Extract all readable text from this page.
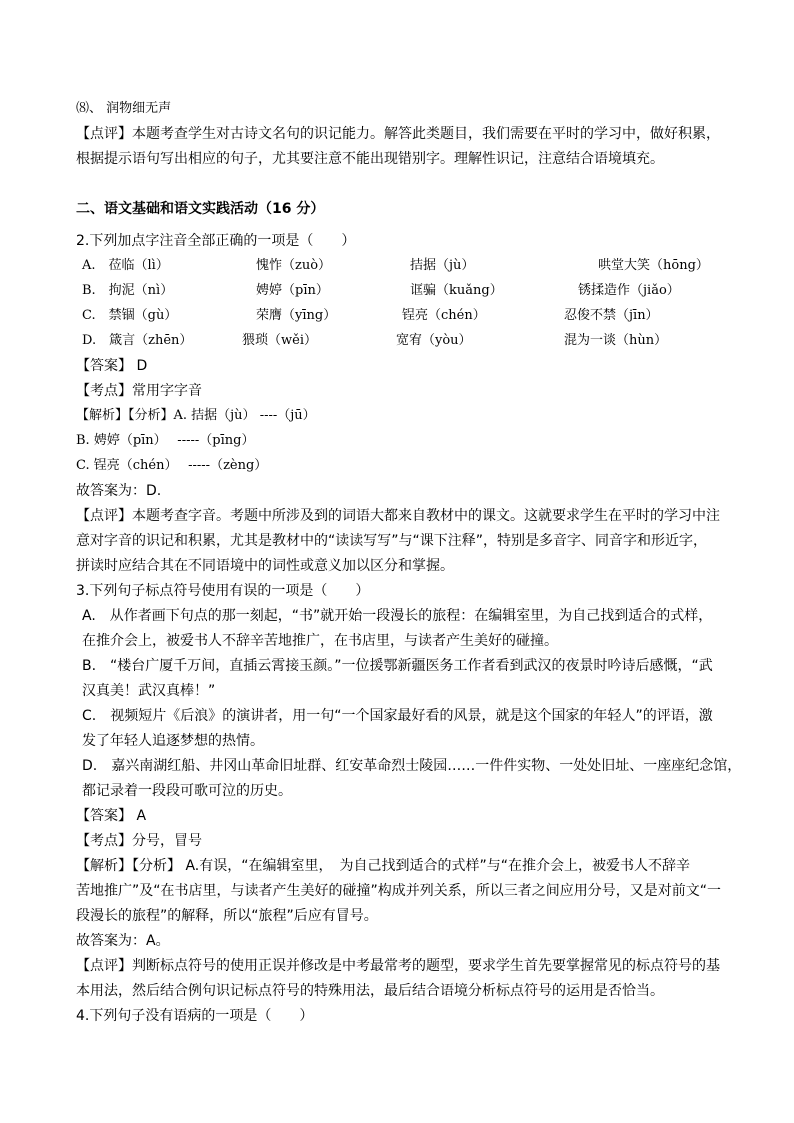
⑻、 润物细无声
【点评】本题考查学生对古诗文名句的识记能力。解答此类题目，我们需要在平时的学习中，做好积累，
根据提示语句写出相应的句子，尤其要注意不能出现错别字。理解性识记，注意结合语境填充。
二、语文基础和语文实践活动（16 分）
2.下列加点字注音全部正确的一项是（　　）
A.　莅临（lì）	愧怍（zuò）	拮据（jù）	哄堂大笑（hōng）
B.　拘泥（nì）	娉婷（pīn）	诓骗（kuǎng）	锈揉造作（jiǎo）
C.　禁锢（gù）	荣膺（yīng）	锃亮（chén）	忍俊不禁（jīn）
D.　箴言（zhēn）	猥琐（wěi）	宽宥（yòu）	混为一谈（hùn）
【答案】 D
【考点】常用字字音
【解析】【分析】A. 拮据（jù） ----（jū）
B. 娉婷（pīn）　 -----（pīng）
C. 锃亮（chén）　 -----（zèng）
故答案为：D.
【点评】本题考查字音。考题中所涉及到的词语大都来自教材中的课文。这就要求学生在平时的学习中注
意对字音的识记和积累，尤其是教材中的“读读写写”与“课下注释”，特别是多音字、同音字和形近字，
拼读时应结合其在不同语境中的词性或意义加以区分和掌握。
3.下列句子标点符号使用有误的一项是（　　）
A.　从作者画下句点的那一刻起，“书”就开始一段漫长的旅程：在编辑室里，为自己找到适合的式样，
在推介会上，被爱书人不辞辛苦地推广，在书店里，与读者产生美好的碰撞。
B.　“楼台广厦千万间，直插云霄接玉颜。”一位援鄂新疆医务工作者看到武汉的夜景时吟诗后感慨，“武
汉真美！武汉真棒！”
C.　视频短片《后浪》的演讲者，用一句“一个国家最好看的风景，就是这个国家的年轻人”的评语，激
发了年轻人追逐梦想的热情。
D.　嘉兴南湖红船、井冈山革命旧址群、红安革命烈士陵园……一件件实物、一处处旧址、一座座纪念馆，
都记录着一段段可歌可泣的历史。
【答案】 A
【考点】分号，冒号
【解析】【分析】 A.有误，“在编辑室里，　为自己找到适合的式样”与“在推介会上，被爱书人不辞辛
苦地推广”及“在书店里，与读者产生美好的碰撞”构成并列关系，所以三者之间应用分号，又是对前文“一
段漫长的旅程”的解释，所以“旅程”后应有冒号。
故答案为：A。
【点评】判断标点符号的使用正误并修改是中考最常考的题型，要求学生首先要掌握常见的标点符号的基
本用法，然后结合例句识记标点符号的特殊用法，最后结合语境分析标点符号的运用是否恰当。
4.下列句子没有语病的一项是（　　）
